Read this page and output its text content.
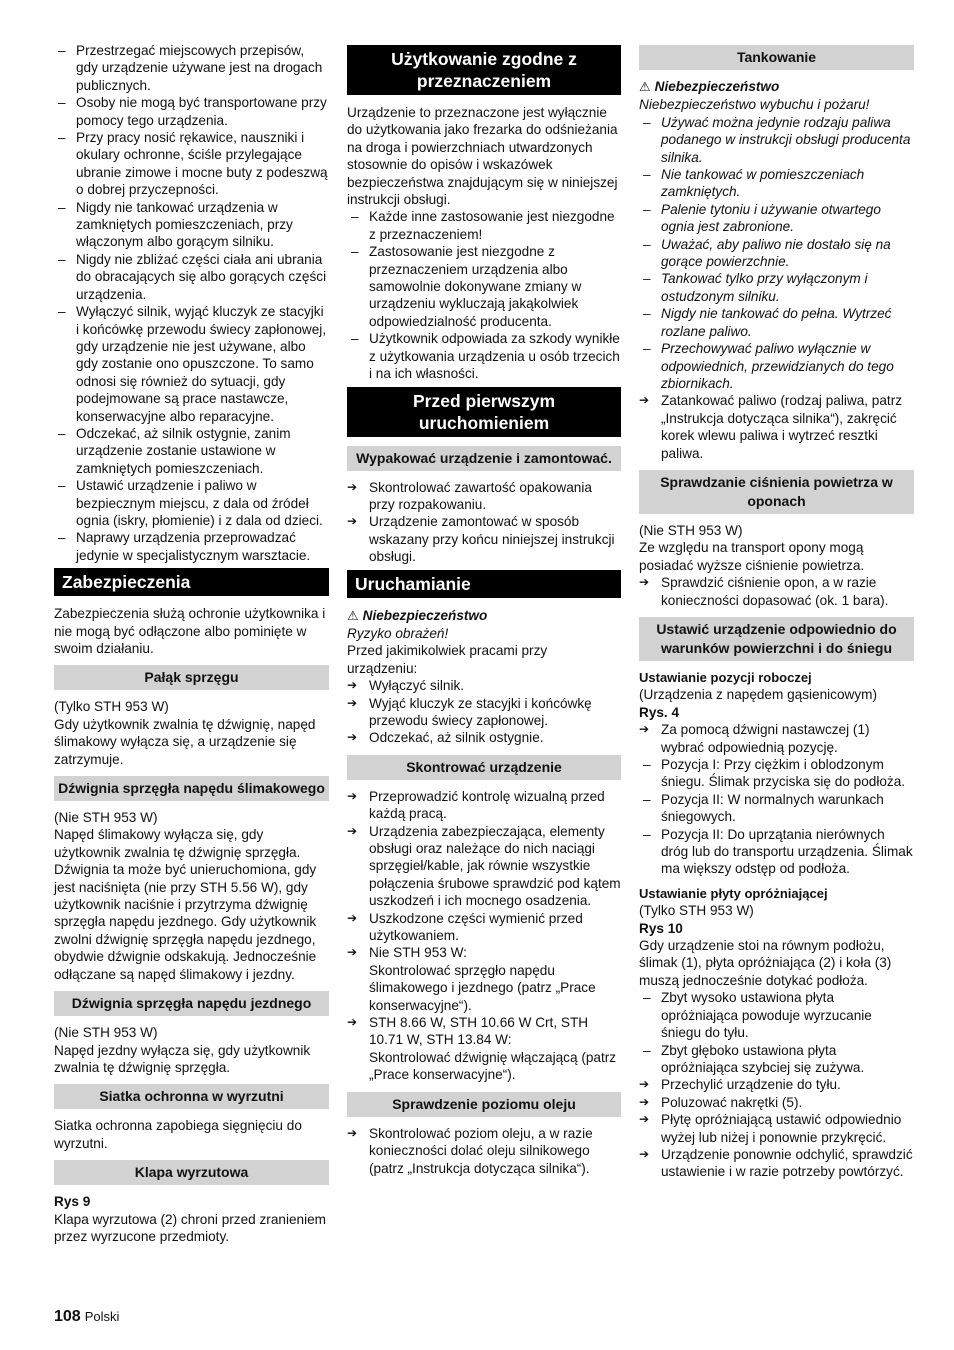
– Przestrzegać miejscowych przepisów, gdy urządzenie używane jest na drogach publicznych.
– Osoby nie mogą być transportowane przy pomocy tego urządzenia.
– Przy pracy nosić rękawice, nauszniki i okulary ochronne, ściśle przylegające ubranie zimowe i mocne buty z podeszwą o dobrej przyczepności.
– Nigdy nie tankować urządzenia w zamkniętych pomieszczeniach, przy włączonym albo gorącym silniku.
– Nigdy nie zbliżać części ciała ani ubrania do obracających się albo gorących części urządzenia.
– Wyłączyć silnik, wyjąć kluczyk ze stacyjki i końcówkę przewodu świecy zapłonowej, gdy urządzenie nie jest używane, albo gdy zostanie ono opuszczone. To samo odnosi się również do sytuacji, gdy podejmowane są prace nastawcze, konserwacyjne albo reparacyjne.
– Odczekać, aż silnik ostygnie, zanim urządzenie zostanie ustawione w zamkniętych pomieszczeniach.
– Ustawić urządzenie i paliwo w bezpiecznym miejscu, z dala od źródeł ognia (iskry, płomienie) i z dala od dzieci.
– Naprawy urządzenia przeprowadzać jedynie w specjalistycznym warsztacie.
Zabezpieczenia
Zabezpieczenia służą ochronie użytkownika i nie mogą być odłączone albo pominięte w swoim działaniu.
Pałąk sprzęgu
(Tylko STH 953 W)
Gdy użytkownik zwalnia tę dźwignię, napęd ślimakowy wyłącza się, a urządzenie się zatrzymuje.
Dźwignia sprzęgła napędu ślimakowego
(Nie STH 953 W)
Napęd ślimakowy wyłącza się, gdy użytkownik zwalnia tę dźwignię sprzęgła. Dźwignia ta może być unieruchomiona, gdy jest naciśnięta (nie przy STH 5.56 W), gdy użytkownik naciśnie i przytrzyma dźwignię sprzęgła napędu jezdnego. Gdy użytkownik zwolni dźwignię sprzęgła napędu jezdnego, obydwie dźwignie odskakują. Jednocześnie odłączane są napęd ślimakowy i jezdny.
Dźwignia sprzęgła napędu jezdnego
(Nie STH 953 W)
Napęd jezdny wyłącza się, gdy użytkownik zwalnia tę dźwignię sprzęgła.
Siatka ochronna w wyrzutni
Siatka ochronna zapobiega sięgnięciu do wyrzutni.
Klapa wyrzutowa
Rys 9
Klapa wyrzutowa (2) chroni przed zranieniem przez wyrzucone przedmioty.
Użytkowanie zgodne z przeznaczeniem
Urządzenie to przeznaczone jest wyłącznie do użytkowania jako frezarka do odśnieżania na droga i powierzchniach utwardzonych stosownie do opisów i wskazówek bezpieczeństwa znajdującym się w niniejszej instrukcji obsługi.
– Każde inne zastosowanie jest niezgodne z przeznaczeniem!
– Zastosowanie jest niezgodne z przeznaczeniem urządzenia albo samowolnie dokonywane zmiany w urządzeniu wykluczają jakąkolwiek odpowiedzialność producenta.
– Użytkownik odpowiada za szkody wynikłe z użytkowania urządzenia u osób trzecich i na ich własności.
Przed pierwszym uruchomieniem
Wypakować urządzenie i zamontować.
➔ Skontrolować zawartość opakowania przy rozpakowaniu.
➔ Urządzenie zamontować w sposób wskazany przy końcu niniejszej instrukcji obsługi.
Uruchamianie
⚠ Niebezpieczeństwo
Ryzyko obrażeń!
Przed jakimikolwiek pracami przy urządzeniu:
➔ Wyłączyć silnik.
➔ Wyjąć kluczyk ze stacyjki i końcówkę przewodu świecy zapłonowej.
➔ Odczekać, aż silnik ostygnie.
Skontrować urządzenie
➔ Przeprowadzić kontrolę wizualną przed każdą pracą.
➔ Urządzenia zabezpieczająca, elementy obsługi oraz należące do nich naciągi sprzęgieł/kable, jak równie wszystkie połączenia śrubowe sprawdzić pod kątem uszkodzeń i ich mocnego osadzenia.
➔ Uszkodzone części wymienić przed użytkowaniem.
➔ Nie STH 953 W:
Skontrolować sprzęgło napędu ślimakowego i jezdnego (patrz „Prace konserwacyjne“).
➔ STH 8.66 W, STH 10.66 W Crt, STH 10.71 W, STH 13.84 W:
Skontrolować dźwignię włączającą (patrz „Prace konserwacyjne“).
Sprawdzenie poziomu oleju
➔ Skontrolować poziom oleju, a w razie konieczności dolać oleju silnikowego (patrz „Instrukcja dotycząca silnika“).
Tankowanie
⚠ Niebezpieczeństwo
Niebezpieczeństwo wybuchu i pożaru!
– Używać można jedynie rodzaju paliwa podanego w instrukcji obsługi producenta silnika.
– Nie tankować w pomieszczeniach zamkniętych.
– Palenie tytoniu i używanie otwartego ognia jest zabronione.
– Uważać, aby paliwo nie dostało się na gorące powierzchnie.
– Tankować tylko przy wyłączonym i ostudzonym silniku.
– Nigdy nie tankować do pełna. Wytrzeć rozlane paliwo.
– Przechowywać paliwo wyłącznie w odpowiednich, przewidzianych do tego zbiornikach.
➔ Zatankować paliwo (rodzaj paliwa, patrz „Instrukcja dotycząca silnika“), zakręcić korek wlewu paliwa i wytrzeć resztki paliwa.
Sprawdzanie ciśnienia powietrza w oponach
(Nie STH 953 W)
Ze względu na transport opony mogą posiadać wyższe ciśnienie powietrza.
➔ Sprawdzić ciśnienie opon, a w razie konieczności dopasować (ok. 1 bara).
Ustawić urządzenie odpowiednio do warunków powierzchni i do śniegu
Ustawianie pozycji roboczej
(Urządzenia z napędem gąsienicowym)
Rys. 4
➔ Za pomocą dźwigni nastawczej (1) wybrać odpowiednią pozycję.
– Pozycja I: Przy ciężkim i oblodzonym śniegu. Ślimak przyciska się do podłoża.
– Pozycja II: W normalnych warunkach śniegowych.
– Pozycja II: Do uprzątania nierównych dróg lub do transportu urządzenia. Ślimak ma większy odstęp od podłoża.
Ustawianie płyty opróżniającej
(Tylko STH 953 W)
Rys 10
Gdy urządzenie stoi na równym podłożu, ślimak (1), płyta opróżniająca (2) i koła (3) muszą jednocześnie dotykać podłoża.
– Zbyt wysoko ustawiona płyta opróżniająca powoduje wyrzucanie śniegu do tyłu.
– Zbyt głęboko ustawiona płyta opróżniająca szybciej się zużywa.
➔ Przechylić urządzenie do tyłu.
➔ Poluzować nakrętki (5).
➔ Płytę opróżniającą ustawić odpowiednio wyżej lub niżej i ponownie przykręcić.
➔ Urządzenie ponownie odchylić, sprawdzić ustawienie i w razie potrzeby powtórzyć.
108 Polski
